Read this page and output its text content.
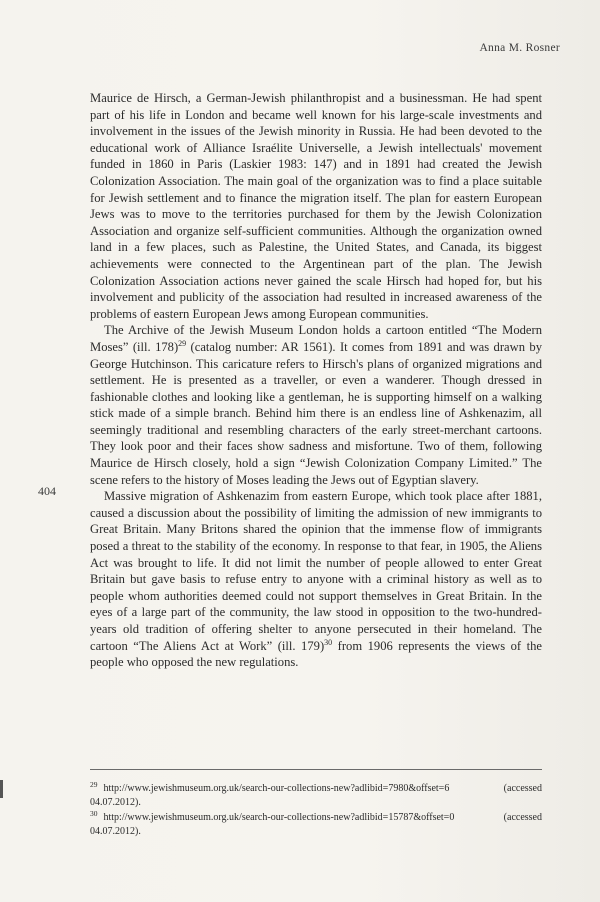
Anna M. Rosner
404

Maurice de Hirsch, a German-Jewish philanthropist and a businessman. He had spent part of his life in London and became well known for his large-scale investments and involvement in the issues of the Jewish minority in Russia. He had been devoted to the educational work of Alliance Israélite Universelle, a Jewish intellectuals' movement funded in 1860 in Paris (Laskier 1983: 147) and in 1891 had created the Jewish Colonization Association. The main goal of the organization was to find a place suitable for Jewish settlement and to finance the migration itself. The plan for eastern European Jews was to move to the territories purchased for them by the Jewish Colonization Association and organize self-sufficient communities. Although the organization owned land in a few places, such as Palestine, the United States, and Canada, its biggest achievements were connected to the Argentinean part of the plan. The Jewish Colonization Association actions never gained the scale Hirsch had hoped for, but his involvement and publicity of the association had resulted in increased awareness of the problems of eastern European Jews among European communities.

The Archive of the Jewish Museum London holds a cartoon entitled “The Modern Moses” (ill. 178)$^{29}$ (catalog number: AR 1561). It comes from 1891 and was drawn by George Hutchinson. This caricature refers to Hirsch's plans of organized migrations and settlement. He is presented as a traveller, or even a wanderer. Though dressed in fashionable clothes and looking like a gentleman, he is supporting himself on a walking stick made of a simple branch. Behind him there is an endless line of Ashkenazim, all seemingly traditional and resembling characters of the early street-merchant cartoons. They look poor and their faces show sadness and misfortune. Two of them, following Maurice de Hirsch closely, hold a sign “Jewish Colonization Company Limited.” The scene refers to the history of Moses leading the Jews out of Egyptian slavery.

Massive migration of Ashkenazim from eastern Europe, which took place after 1881, caused a discussion about the possibility of limiting the admission of new immigrants to Great Britain. Many Britons shared the opinion that the immense flow of immigrants posed a threat to the stability of the economy. In response to that fear, in 1905, the Aliens Act was brought to life. It did not limit the number of people allowed to enter Great Britain but gave basis to refuse entry to anyone with a criminal history as well as to people whom authorities deemed could not support themselves in Great Britain. In the eyes of a large part of the community, the law stood in opposition to the two-hundred-years old tradition of offering shelter to anyone persecuted in their homeland. The cartoon “The Aliens Act at Work” (ill. 179)$^{30}$ from 1906 represents the views of the people who opposed the new regulations.

$^{29}$ http://www.jewishmuseum.org.uk/search-our-collections-new?adlibid=7980&offset=6 (accessed 04.07.2012).

$^{30}$ http://www.jewishmuseum.org.uk/search-our-collections-new?adlibid=15787&offset=0 (accessed 04.07.2012).
